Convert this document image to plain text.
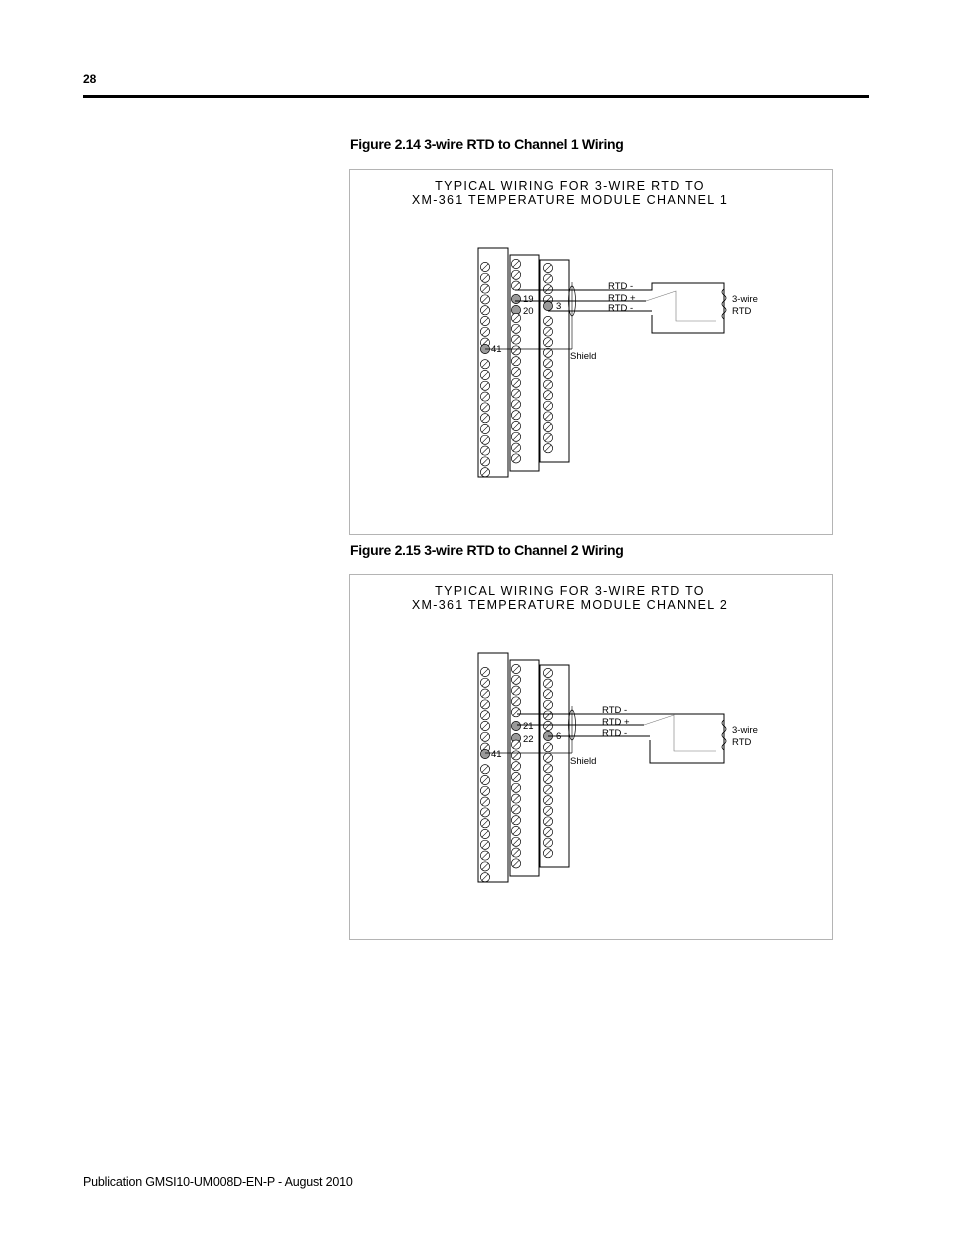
28
Figure 2.14 3-wire RTD to Channel 1 Wiring
TYPICAL WIRING FOR 3-WIRE RTD TO
XM-361 TEMPERATURE MODULE CHANNEL 1
19
20 3
41
RTD -
RTD +
RTD -
Shield
3-wire
RTD
Figure 2.15 3-wire RTD to Channel 2 Wiring
TYPICAL WIRING FOR 3-WIRE RTD TO
XM-361 TEMPERATURE MODULE CHANNEL 2
21
22 6
41
RTD -
RTD +
RTD -
Shield
3-wire
RTD
Publication GMSI10-UM008D-EN-P - August 2010
